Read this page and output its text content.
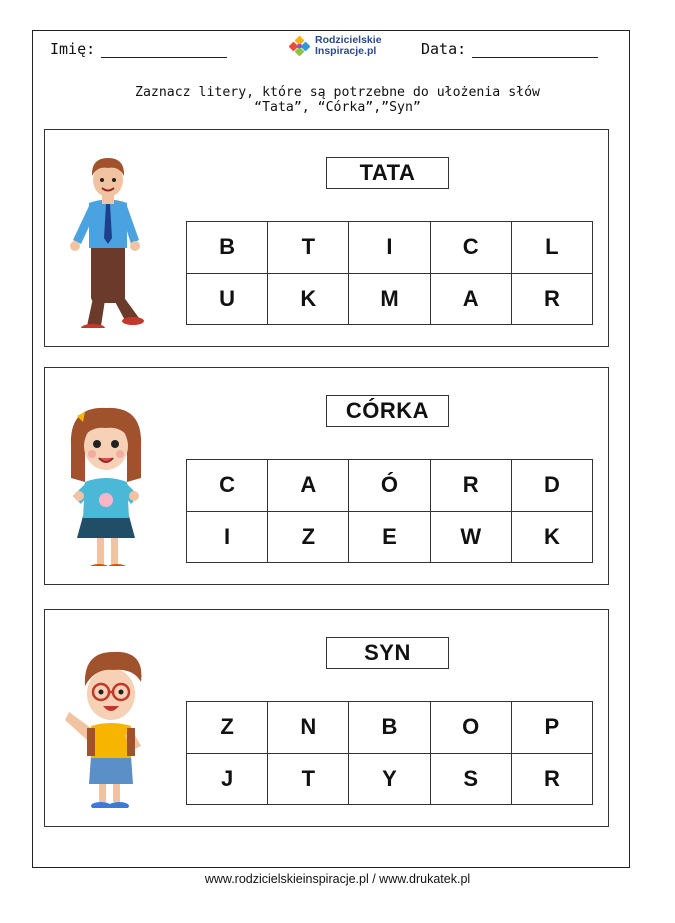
Imię:	Rodzicielskie
Inspiracje.pl	Data:
Zaznacz litery, które są potrzebne do ułożenia słów
“Tata”, “Córka”,”Syn”
TATA
B	T	I	C	L
U	K	M	A	R
CÓRKA
C	A	Ó	R	D
I	Z	E	W	K
SYN
Z	N	B	O	P
J	T	Y	S	R
www.rodzicielskieinspiracje.pl / www.drukatek.pl
